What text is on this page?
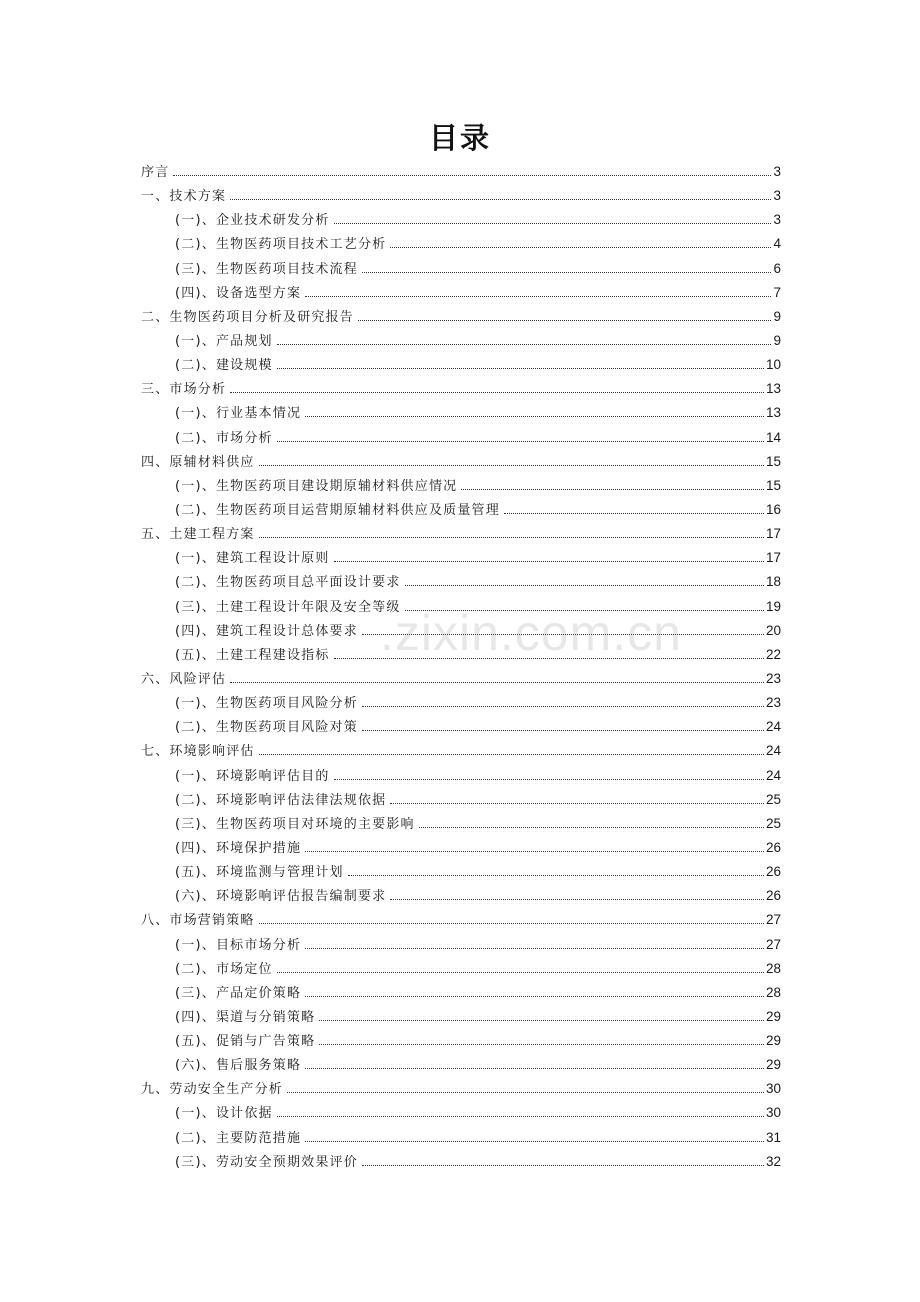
目录
序言	3
一、技术方案	3
(一)、企业技术研发分析	3
(二)、生物医药项目技术工艺分析	4
(三)、生物医药项目技术流程	6
(四)、设备选型方案	7
二、生物医药项目分析及研究报告	9
(一)、产品规划	9
(二)、建设规模	10
三、市场分析	13
(一)、行业基本情况	13
(二)、市场分析	14
四、原辅材料供应	15
(一)、生物医药项目建设期原辅材料供应情况	15
(二)、生物医药项目运营期原辅材料供应及质量管理	16
五、土建工程方案	17
(一)、建筑工程设计原则	17
(二)、生物医药项目总平面设计要求	18
(三)、土建工程设计年限及安全等级	19
(四)、建筑工程设计总体要求	20
(五)、土建工程建设指标	22
六、风险评估	23
(一)、生物医药项目风险分析	23
(二)、生物医药项目风险对策	24
七、环境影响评估	24
(一)、环境影响评估目的	24
(二)、环境影响评估法律法规依据	25
(三)、生物医药项目对环境的主要影响	25
(四)、环境保护措施	26
(五)、环境监测与管理计划	26
(六)、环境影响评估报告编制要求	26
八、市场营销策略	27
(一)、目标市场分析	27
(二)、市场定位	28
(三)、产品定价策略	28
(四)、渠道与分销策略	29
(五)、促销与广告策略	29
(六)、售后服务策略	29
九、劳动安全生产分析	30
(一)、设计依据	30
(二)、主要防范措施	31
(三)、劳动安全预期效果评价	32
.zixin.com.cn
